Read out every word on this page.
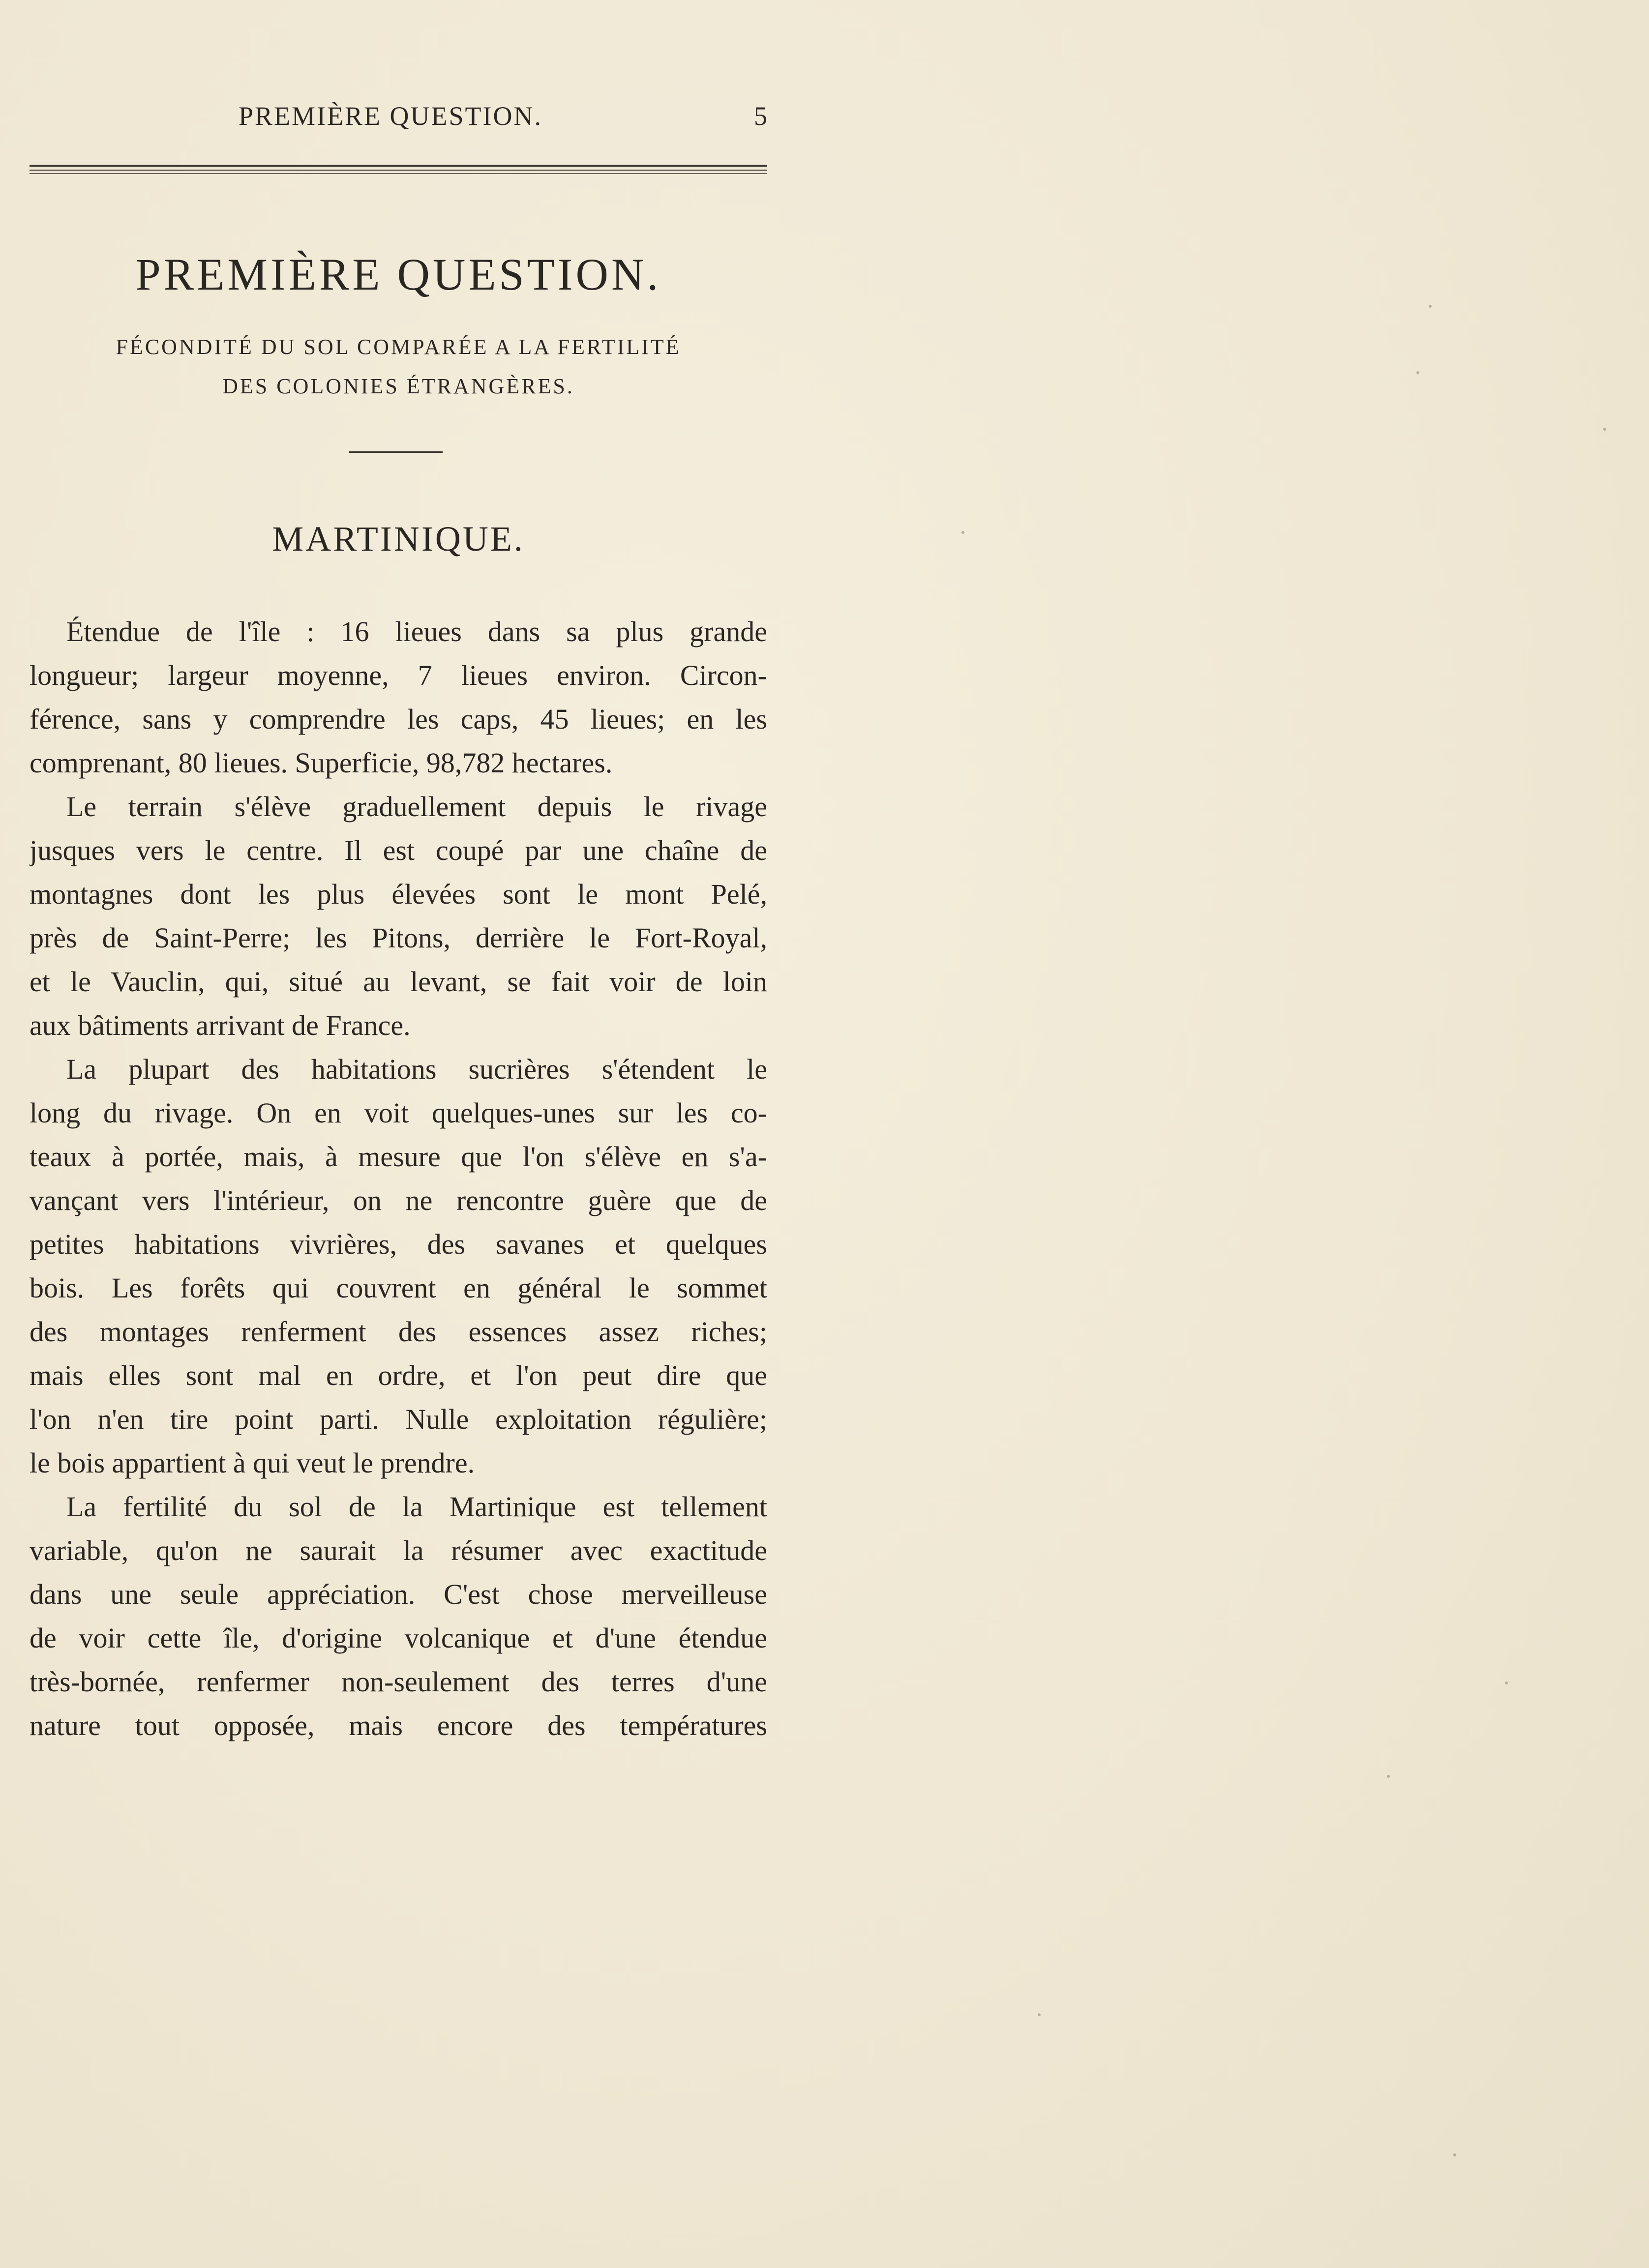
PREMIÈRE QUESTION.	5
PREMIÈRE QUESTION.
FÉCONDITÉ DU SOL COMPARÉE A LA FERTILITÉ
DES COLONIES ÉTRANGÈRES.
MARTINIQUE.
Étendue de l'île : 16 lieues dans sa plus grande
longueur; largeur moyenne, 7 lieues environ. Circon-
férence, sans y comprendre les caps, 45 lieues; en les
comprenant, 80 lieues. Superficie, 98,782 hectares.
Le terrain s'élève graduellement depuis le rivage
jusques vers le centre. Il est coupé par une chaîne de
montagnes dont les plus élevées sont le mont Pelé,
près de Saint-Perre; les Pitons, derrière le Fort-Royal,
et le Vauclin, qui, situé au levant, se fait voir de loin
aux bâtiments arrivant de France.
La plupart des habitations sucrières s'étendent le
long du rivage. On en voit quelques-unes sur les co-
teaux à portée, mais, à mesure que l'on s'élève en s'a-
vançant vers l'intérieur, on ne rencontre guère que de
petites habitations vivrières, des savanes et quelques
bois. Les forêts qui couvrent en général le sommet
des montages renferment des essences assez riches;
mais elles sont mal en ordre, et l'on peut dire que
l'on n'en tire point parti. Nulle exploitation régulière;
le bois appartient à qui veut le prendre.
La fertilité du sol de la Martinique est tellement
variable, qu'on ne saurait la résumer avec exactitude
dans une seule appréciation. C'est chose merveilleuse
de voir cette île, d'origine volcanique et d'une étendue
très-bornée, renfermer non-seulement des terres d'une
nature tout opposée, mais encore des températures
